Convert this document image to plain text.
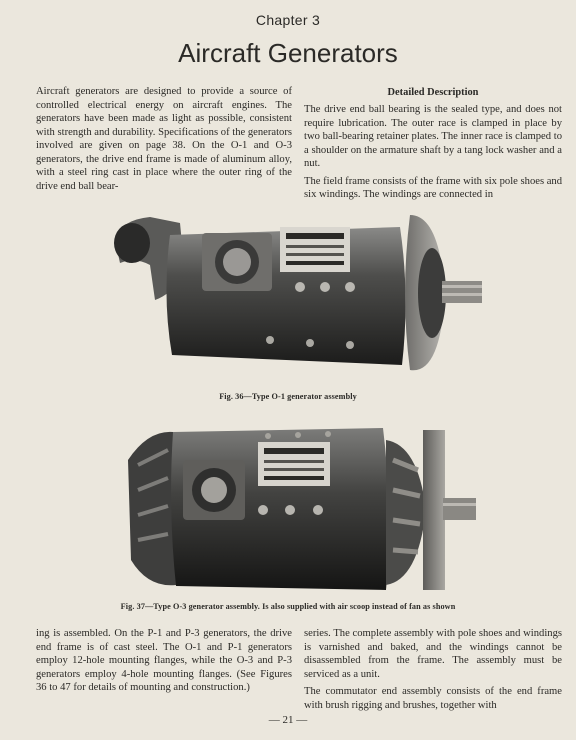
Chapter 3
Aircraft Generators

Aircraft generators are designed to provide a source of controlled electrical energy on aircraft engines. The generators have been made as light as possible, consistent with strength and durability. Specifications of the generators involved are given on page 38. On the O-1 and O-3 generators, the drive end frame is made of aluminum alloy, with a steel ring cast in place where the outer ring of the drive end ball bear-

Detailed Description

The drive end ball bearing is the sealed type, and does not require lubrication. The outer race is clamped in place by two ball-bearing retainer plates. The inner race is clamped to a shoulder on the armature shaft by a tang lock washer and a nut.

The field frame consists of the frame with six pole shoes and six windings. The windings are connected in

Fig. 36—Type O-1 generator assembly
Fig. 37—Type O-3 generator assembly. Is also supplied with air scoop instead of fan as shown

ing is assembled. On the P-1 and P-3 generators, the drive end frame is of cast steel. The O-1 and P-1 generators employ 12-hole mounting flanges, while the O-3 and P-3 generators employ 4-hole mounting flanges. (See Figures 36 to 47 for details of mounting and construction.)

series. The complete assembly with pole shoes and windings is varnished and baked, and the windings cannot be disassembled from the frame. The assembly must be serviced as a unit.

The commutator end assembly consists of the end frame with brush rigging and brushes, together with

— 21 —
